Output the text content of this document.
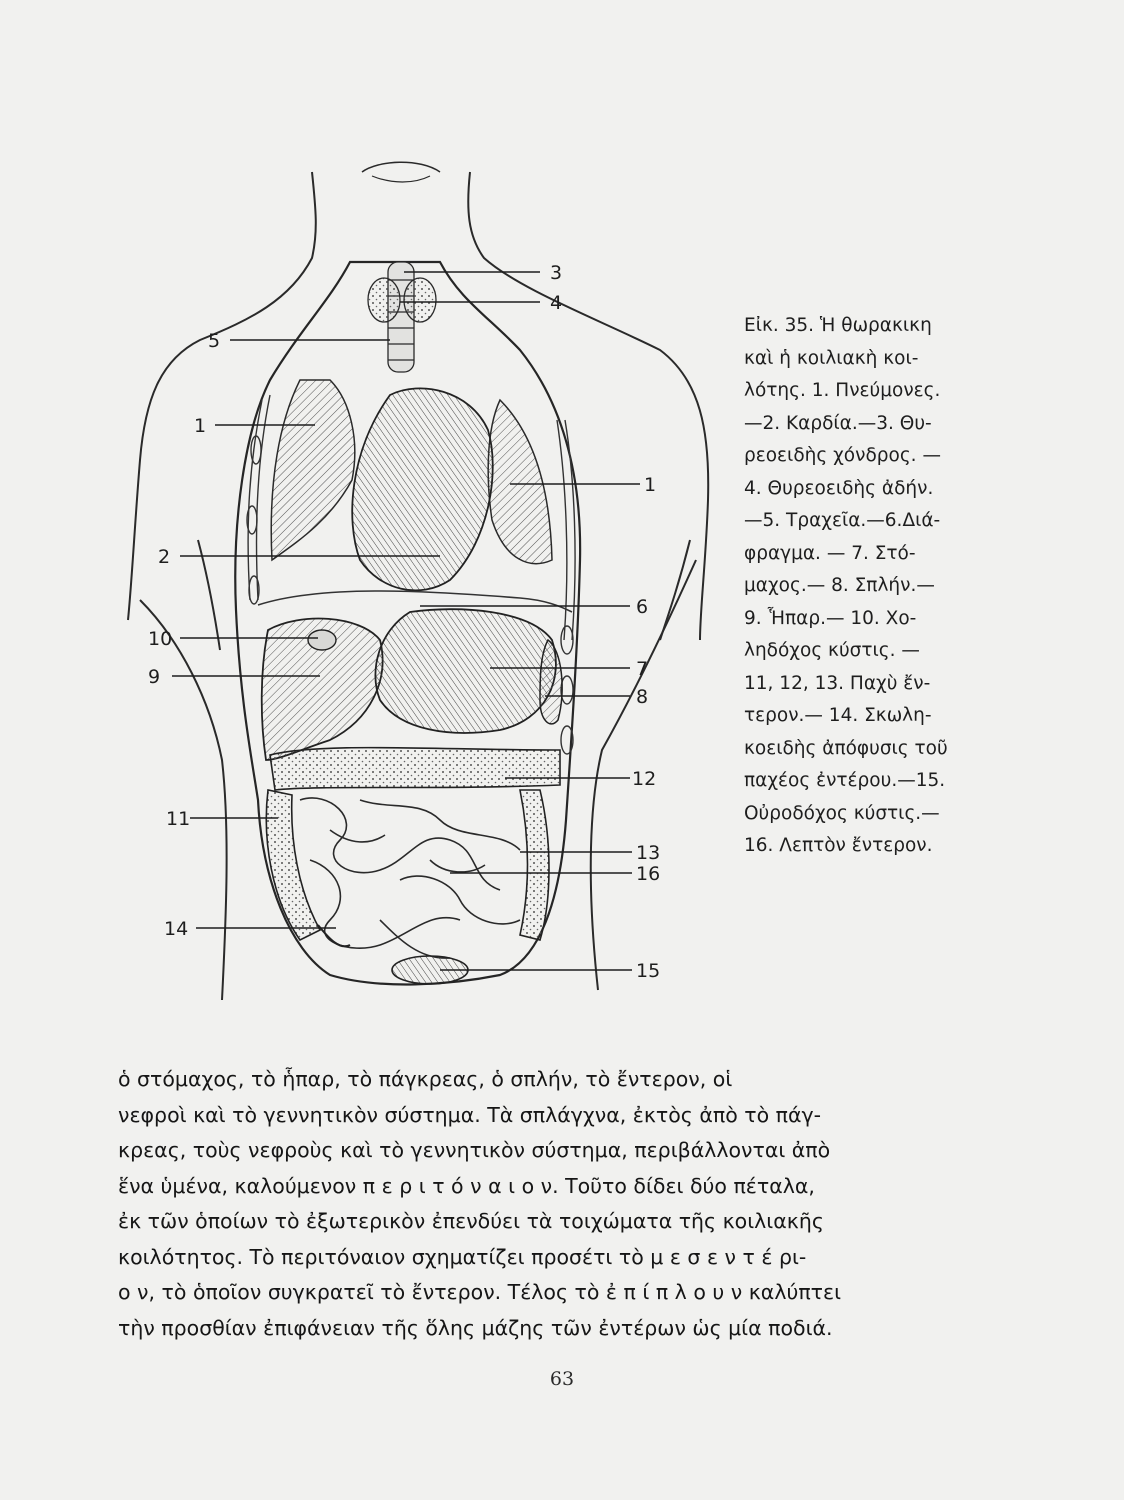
3
4
5
1
1
2
6
10
9	7
8
12
11
13
16
14
15
Εἰκ. 35. Ἡ θωρακικη
καὶ ἡ κοιλιακὴ κοι-
λότης. 1. Πνεύμονες.
—2. Καρδία.—3. Θυ-
ρεοειδὴς χόνδρος. —
4. Θυρεοειδὴς ἀδήν.
—5. Τραχεῖα.—6.Διά-
φραγμα. — 7. Στό-
μαχος.— 8. Σπλήν.—
9. Ἧπαρ.— 10. Χο-
ληδόχος κύστις. —
11, 12, 13. Παχὺ ἔν-
τερον.— 14. Σκωλη-
κοειδὴς ἀπόφυσις τοῦ
παχέος ἐντέρου.—15.
Οὐροδόχος κύστις.—
16. Λεπτὸν ἔντερον.
ὁ στόμαχος, τὸ ἧπαρ, τὸ πάγκρεας, ὁ σπλήν, τὸ ἔντερον, οἱ
νεφροὶ καὶ τὸ γεννητικὸν σύστημα. Τὰ σπλάγχνα, ἐκτὸς ἀπὸ τὸ πάγ-
κρεας, τοὺς νεφροὺς καὶ τὸ γεννητικὸν σύστημα, περιβάλλονται ἀπὸ
ἕνα ὑμένα, καλούμενον π ε ρ ι τ ό ν α ι ο ν. Τοῦτο δίδει δύο πέταλα,
ἐκ τῶν ὁποίων τὸ ἐξωτερικὸν ἐπενδύει τὰ τοιχώματα τῆς κοιλιακῆς
κοιλότητος. Τὸ περιτόναιον σχηματίζει προσέτι τὸ μ ε σ ε ν τ έ ρι-
ο ν, τὸ ὁποῖον συγκρατεῖ τὸ ἔντερον. Τέλος τὸ ἐ π ί π λ ο υ ν καλύπτει
τὴν προσθίαν ἐπιφάνειαν τῆς ὅλης μάζης τῶν ἐντέρων ὡς μία ποδιά.
63
